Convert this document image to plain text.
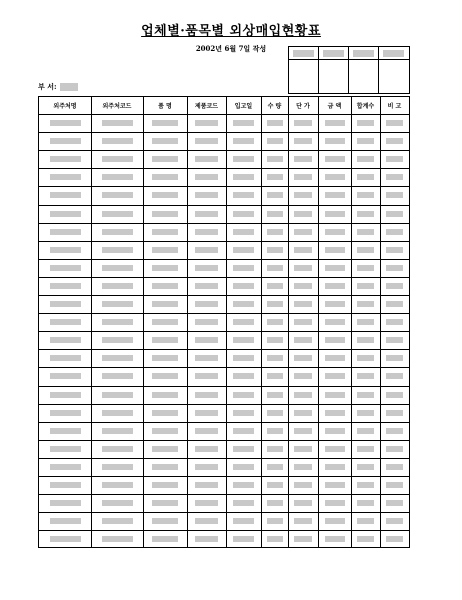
업체별·품목별 외상매입현황표
2002년 6월 7일 작성
부 서:
외주처명	외주처코드	품 명	제품코드	입고일	수 량	단 가	금 액	합계수	비 고
